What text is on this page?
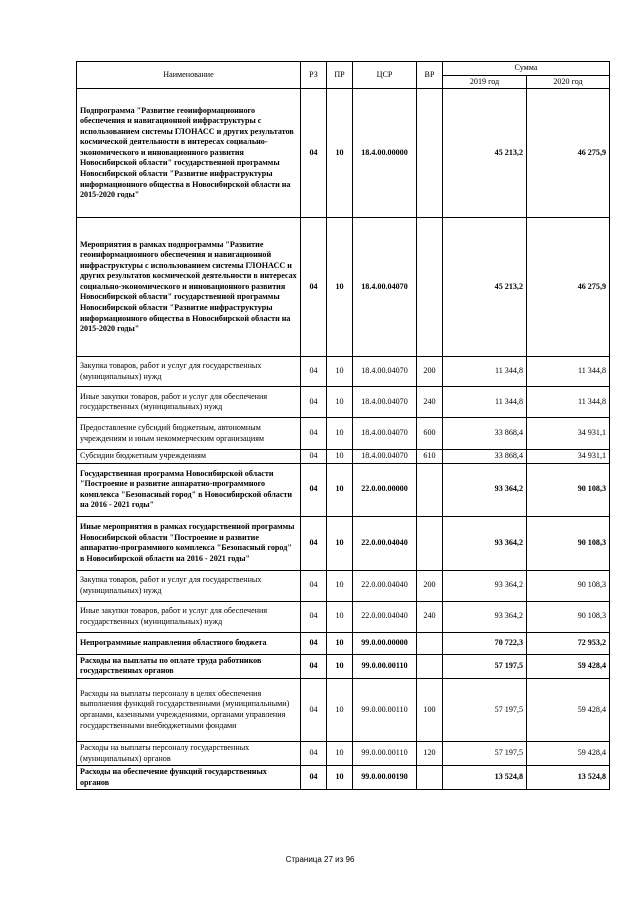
Наименование	РЗ	ПР	ЦСР	ВР	Сумма	
					2019 год	2020 год
Подпрограмма "Развитие геоинформационного обеспечения и навигационной инфраструктуры с использованием системы ГЛОНАСС и других результатов космической деятельности в интересах социально-экономического и инновационного развития Новосибирской области" государственной программы Новосибирской области "Развитие инфраструктуры информационного общества в Новосибирской области на 2015-2020 годы"	04	10	18.4.00.00000		45 213,2	46 275,9
Мероприятия в рамках подпрограммы "Развитие геоинформационного обеспечения и навигационной инфраструктуры с использованием системы ГЛОНАСС и других результатов космической деятельности в интересах социально-экономического и инновационного развития Новосибирской области" государственной программы Новосибирской области "Развитие инфраструктуры информационного общества в Новосибирской области на 2015-2020 годы"	04	10	18.4.00.04070		45 213,2	46 275,9
Закупка товаров, работ и услуг для государственных (муниципальных) нужд	04	10	18.4.00.04070	200	11 344,8	11 344,8
Иные закупки товаров, работ и услуг для обеспечения государственных (муниципальных) нужд	04	10	18.4.00.04070	240	11 344,8	11 344,8
Предоставление субсидий бюджетным, автономным учреждениям и иным некоммерческим организациям	04	10	18.4.00.04070	600	33 868,4	34 931,1
Субсидии бюджетным учреждениям	04	10	18.4.00.04070	610	33 868,4	34 931,1
Государственная программа Новосибирской области "Построение и развитие аппаратно-программного комплекса "Безопасный город" в Новосибирской области на 2016 - 2021 годы"	04	10	22.0.00.00000		93 364,2	90 108,3
Иные мероприятия в рамках государственной программы Новосибирской области "Построение и развитие аппаратно-программного комплекса "Безопасный город" в Новосибирской области на 2016 - 2021 годы"	04	10	22.0.00.04040		93 364,2	90 108,3
Закупка товаров, работ и услуг для государственных (муниципальных) нужд	04	10	22.0.00.04040	200	93 364,2	90 108,3
Иные закупки товаров, работ и услуг для обеспечения государственных (муниципальных) нужд	04	10	22.0.00.04040	240	93 364,2	90 108,3
Непрограммные направления областного бюджета	04	10	99.0.00.00000		70 722,3	72 953,2
Расходы на выплаты по оплате труда работников государственных органов	04	10	99.0.00.00110		57 197,5	59 428,4
Расходы на выплаты персоналу в целях обеспечения выполнения функций государственными (муниципальными) органами, казенными учреждениями, органами управления государственными внебюджетными фондами	04	10	99.0.00.00110	100	57 197,5	59 428,4
Расходы на выплаты персоналу государственных (муниципальных) органов	04	10	99.0.00.00110	120	57 197,5	59 428,4
Расходы на обеспечение функций государственных органов	04	10	99.0.00.00190		13 524,8	13 524,8
Страница 27 из 96
